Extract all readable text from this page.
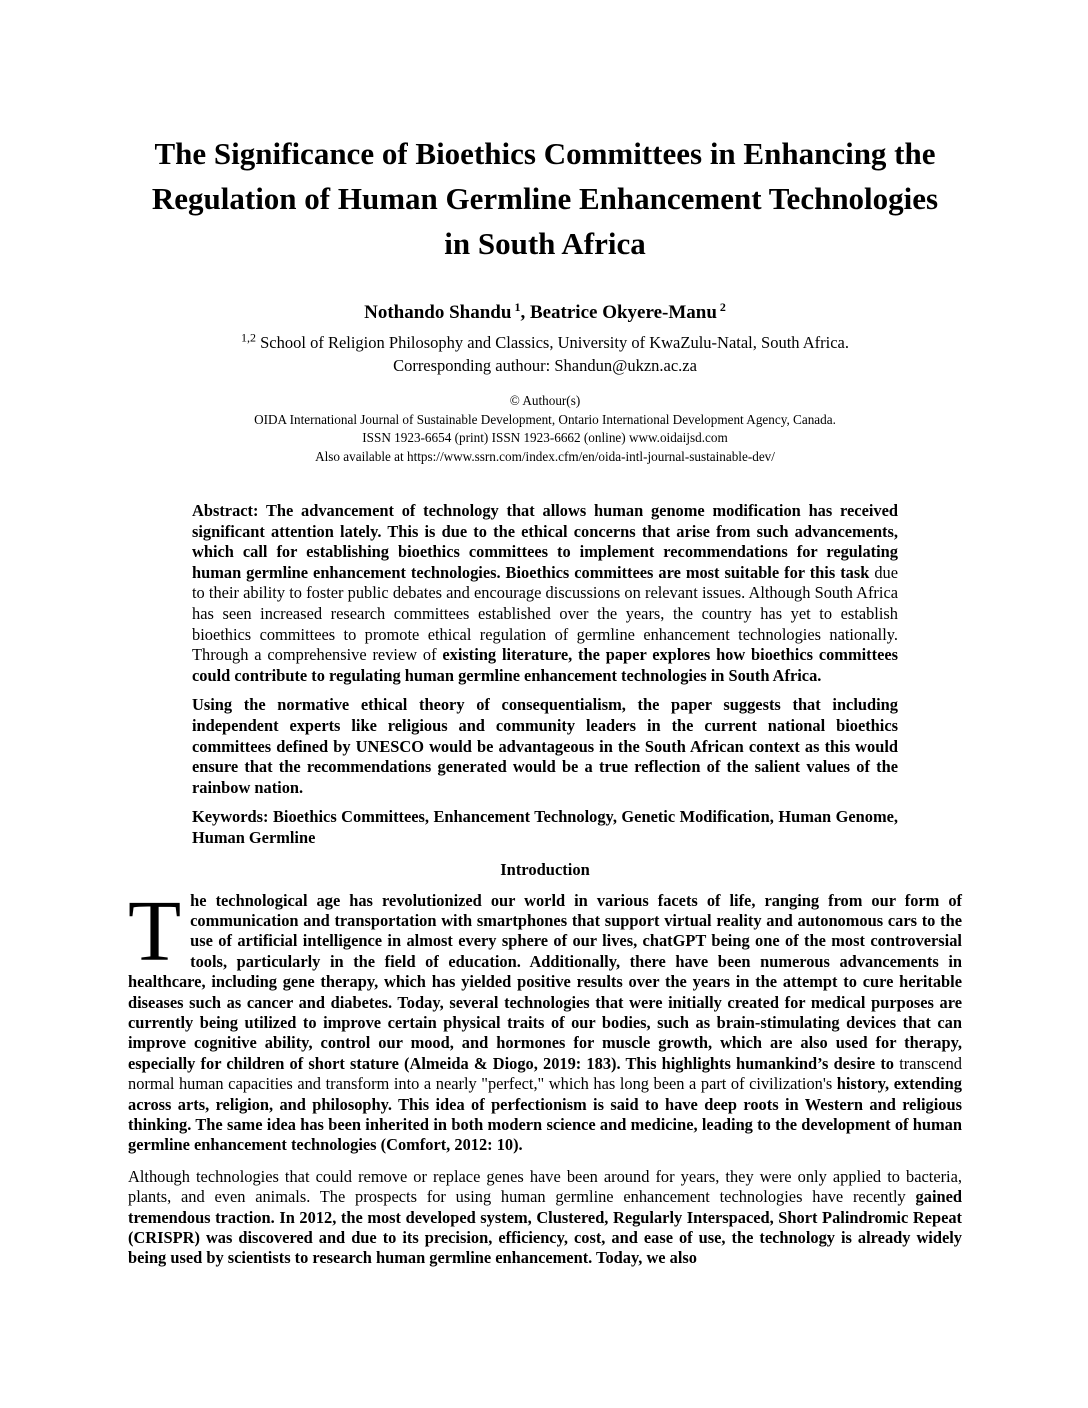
The Significance of Bioethics Committees in Enhancing the
Regulation of Human Germline Enhancement Technologies
in South Africa
Nothando Shandu $^1$, Beatrice Okyere-Manu $^2$
$^{1,2}$ School of Religion Philosophy and Classics, University of KwaZulu-Natal, South Africa.
Corresponding authour: Shandun@ukzn.ac.za
© Authour(s)
OIDA International Journal of Sustainable Development, Ontario International Development Agency, Canada.
ISSN 1923-6654 (print) ISSN 1923-6662 (online) www.oidaijsd.com
Also available at https://www.ssrn.com/index.cfm/en/oida-intl-journal-sustainable-dev/

Abstract: The advancement of technology that allows human genome modification has received significant attention lately. This is due to the ethical concerns that arise from such advancements, which call for establishing bioethics committees to implement recommendations for regulating human germline enhancement technologies. Bioethics committees are most suitable for this task due to their ability to foster public debates and encourage discussions on relevant issues. Although South Africa has seen increased research committees established over the years, the country has yet to establish bioethics committees to promote ethical regulation of germline enhancement technologies nationally. Through a comprehensive review of existing literature, the paper explores how bioethics committees could contribute to regulating human germline enhancement technologies in South Africa.

Using the normative ethical theory of consequentialism, the paper suggests that including independent experts like religious and community leaders in the current national bioethics committees defined by UNESCO would be advantageous in the South African context as this would ensure that the recommendations generated would be a true reflection of the salient values of the rainbow nation.

Keywords: Bioethics Committees, Enhancement Technology, Genetic Modification, Human Genome, Human Germline

Introduction

The technological age has revolutionized our world in various facets of life, ranging from our form of communication and transportation with smartphones that support virtual reality and autonomous cars to the use of artificial intelligence in almost every sphere of our lives, chatGPT being one of the most controversial tools, particularly in the field of education. Additionally, there have been numerous advancements in healthcare, including gene therapy, which has yielded positive results over the years in the attempt to cure heritable diseases such as cancer and diabetes. Today, several technologies that were initially created for medical purposes are currently being utilized to improve certain physical traits of our bodies, such as brain-stimulating devices that can improve cognitive ability, control our mood, and hormones for muscle growth, which are also used for therapy, especially for children of short stature (Almeida & Diogo, 2019: 183). This highlights humankind’s desire to transcend normal human capacities and transform into a nearly "perfect," which has long been a part of civilization's history, extending across arts, religion, and philosophy. This idea of perfectionism is said to have deep roots in Western and religious thinking. The same idea has been inherited in both modern science and medicine, leading to the development of human germline enhancement technologies (Comfort, 2012: 10).

Although technologies that could remove or replace genes have been around for years, they were only applied to bacteria, plants, and even animals. The prospects for using human germline enhancement technologies have recently gained tremendous traction. In 2012, the most developed system, Clustered, Regularly Interspaced, Short Palindromic Repeat (CRISPR) was discovered and due to its precision, efficiency, cost, and ease of use, the technology is already widely being used by scientists to research human germline enhancement. Today, we also
